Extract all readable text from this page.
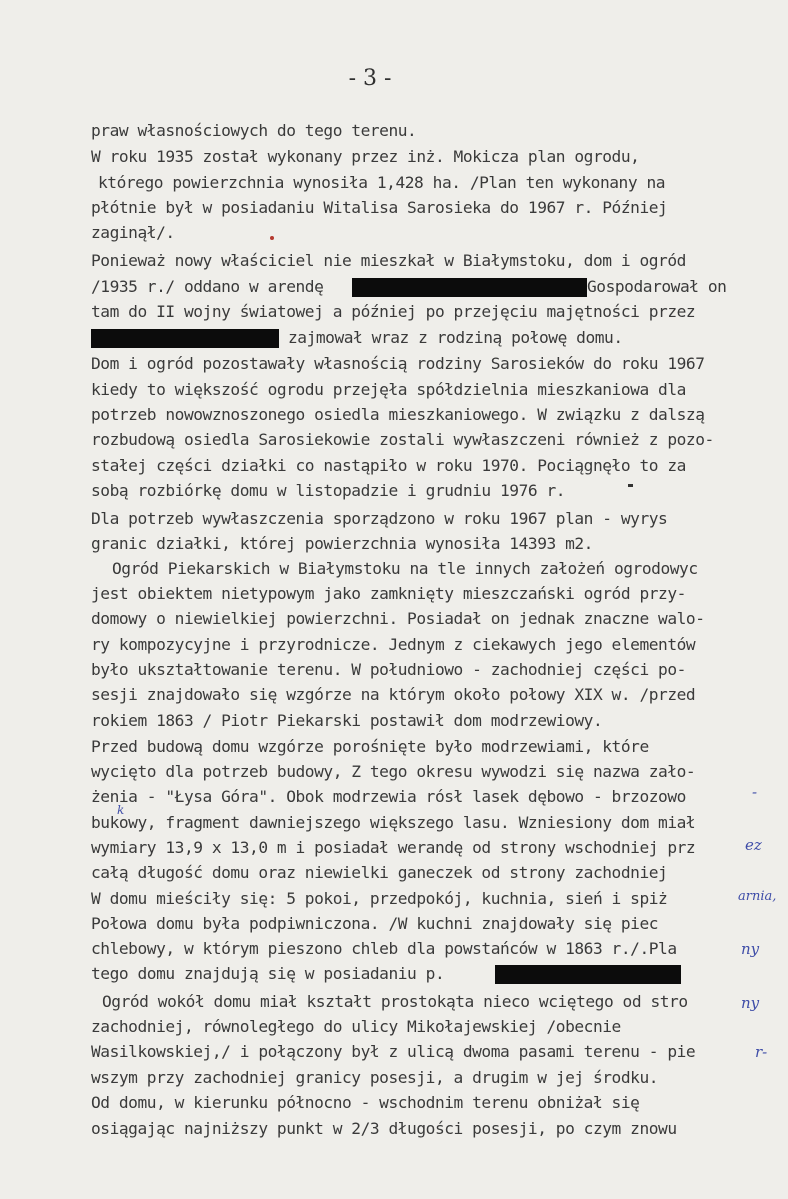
- 3 -
praw własnościowych do tego terenu.
W roku 1935 został wykonany przez inż. Mokicza plan ogrodu,
którego powierzchnia wynosiła 1,428 ha. /Plan ten wykonany na
płótnie był w posiadaniu Witalisa Sarosieka do 1967 r. Później
zaginął/.
Ponieważ nowy właściciel nie mieszkał w Białymstoku, dom i ogród
/1935 r./ oddano w arendę	Gospodarował on
tam do II wojny światowej a później po przejęciu majętności przez
zajmował wraz z rodziną połowę domu.
Dom i ogród pozostawały własnością rodziny Sarosieków do roku 1967
kiedy to większość ogrodu przejęła spółdzielnia mieszkaniowa dla
potrzeb nowowznoszonego osiedla mieszkaniowego. W związku z dalszą
rozbudową osiedla Sarosiekowie zostali wywłaszczeni również z pozo-
stałej części działki co nastąpiło w roku 1970. Pociągnęło to za
sobą rozbiórkę domu w listopadzie i grudniu 1976 r.
Dla potrzeb wywłaszczenia sporządzono w roku 1967 plan - wyrys
granic działki, której powierzchnia wynosiła 14393 m2.
Ogród Piekarskich w Białymstoku na tle innych założeń ogrodowyc
jest obiektem nietypowym jako zamknięty mieszczański ogród przy-
domowy o niewielkiej powierzchni. Posiadał on jednak znaczne walo-
ry kompozycyjne i przyrodnicze. Jednym z ciekawych jego elementów
było ukształtowanie terenu. W południowo - zachodniej części po-
sesji znajdowało się wzgórze na którym około połowy XIX w. /przed
rokiem 1863 / Piotr Piekarski postawił dom modrzewiowy.
Przed budową domu wzgórze porośnięte było modrzewiami, które
wycięto dla potrzeb budowy, Z tego okresu wywodzi się nazwa zało-
żenia - "Łysa Góra". Obok modrzewia rósł lasek dębowo - brzozowo
bukowy, fragment dawniejszego większego lasu. Wzniesiony dom miał
wymiary 13,9 x 13,0 m i posiadał werandę od strony wschodniej prz
całą długość domu oraz niewielki ganeczek od strony zachodniej
W domu mieściły się: 5 pokoi, przedpokój, kuchnia, sień i spiż
Połowa domu była podpiwniczona. /W kuchni znajdowały się piec
chlebowy, w którym pieszono chleb dla powstańców w 1863 r./.Pla
tego domu znajdują się w posiadaniu p.
Ogród wokół domu miał kształt prostokąta nieco wciętego od stro
zachodniej, równoległego do ulicy Mikołajewskiej /obecnie
Wasilkowskiej,/ i połączony był z ulicą dwoma pasami terenu - pie
wszym przy zachodniej granicy posesji, a drugim w jej środku.
Od domu, w kierunku północno - wschodnim terenu obniżał się
osiągając najniższy punkt w 2/3 długości posesji, po czym znowu
-
ez
arnia,
ny
ny
r-
k
